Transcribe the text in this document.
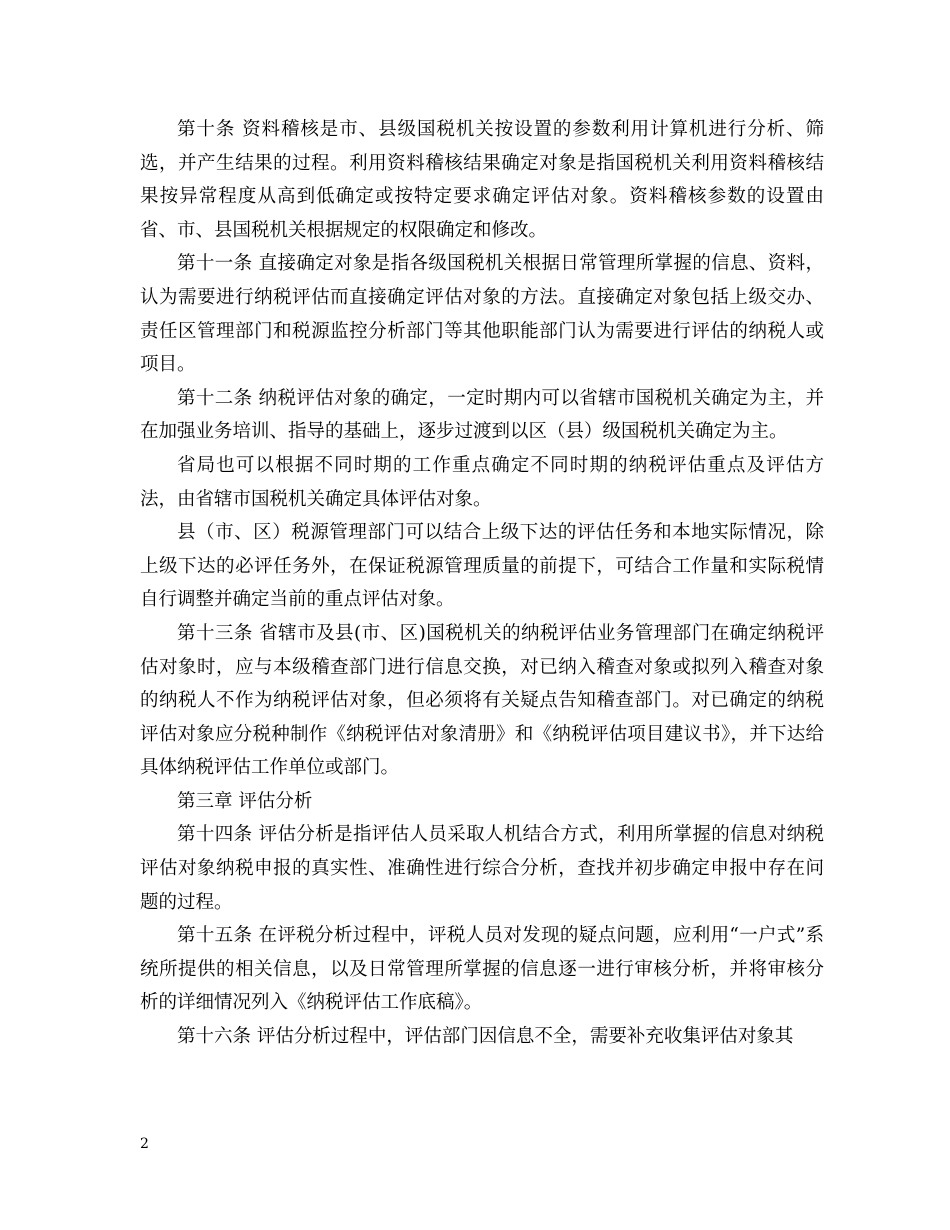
第十条 资料稽核是市、县级国税机关按设置的参数利用计算机进行分析、筛选，并产生结果的过程。利用资料稽核结果确定对象是指国税机关利用资料稽核结果按异常程度从高到低确定或按特定要求确定评估对象。资料稽核参数的设置由省、市、县国税机关根据规定的权限确定和修改。

第十一条 直接确定对象是指各级国税机关根据日常管理所掌握的信息、资料，认为需要进行纳税评估而直接确定评估对象的方法。直接确定对象包括上级交办、责任区管理部门和税源监控分析部门等其他职能部门认为需要进行评估的纳税人或项目。

第十二条 纳税评估对象的确定，一定时期内可以省辖市国税机关确定为主，并在加强业务培训、指导的基础上，逐步过渡到以区（县）级国税机关确定为主。

省局也可以根据不同时期的工作重点确定不同时期的纳税评估重点及评估方法，由省辖市国税机关确定具体评估对象。

县（市、区）税源管理部门可以结合上级下达的评估任务和本地实际情况，除上级下达的必评任务外，在保证税源管理质量的前提下，可结合工作量和实际税情自行调整并确定当前的重点评估对象。

第十三条 省辖市及县(市、区)国税机关的纳税评估业务管理部门在确定纳税评估对象时，应与本级稽查部门进行信息交换，对已纳入稽查对象或拟列入稽查对象的纳税人不作为纳税评估对象，但必须将有关疑点告知稽查部门。对已确定的纳税评估对象应分税种制作《纳税评估对象清册》和《纳税评估项目建议书》，并下达给具体纳税评估工作单位或部门。

第三章 评估分析

第十四条 评估分析是指评估人员采取人机结合方式，利用所掌握的信息对纳税评估对象纳税申报的真实性、准确性进行综合分析，查找并初步确定申报中存在问题的过程。

第十五条 在评税分析过程中，评税人员对发现的疑点问题，应利用“一户式”系统所提供的相关信息，以及日常管理所掌握的信息逐一进行审核分析，并将审核分析的详细情况列入《纳税评估工作底稿》。

第十六条 评估分析过程中，评估部门因信息不全，需要补充收集评估对象其

2
